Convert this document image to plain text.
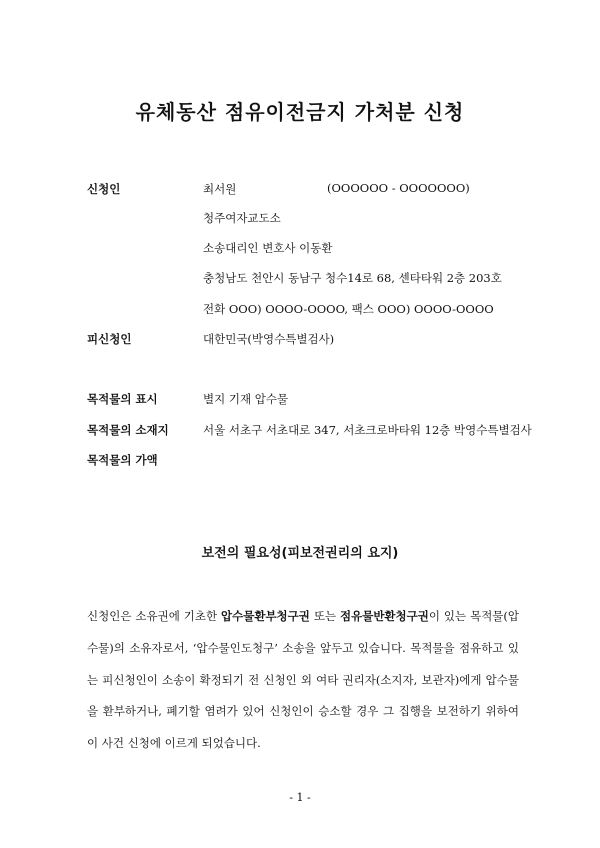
유체동산 점유이전금지 가처분 신청
신청인	최서원	(OOOOOO - OOOOOOO)
청주여자교도소
소송대리인 변호사 이동환
충청남도 천안시 동남구 청수14로 68, 센타타워 2층 203호
전화 OOO) OOOO-OOOO, 팩스 OOO) OOOO-OOOO
피신청인	대한민국(박영수특별검사)
목적물의 표시	별지 기재 압수물
목적물의 소재지	서울 서초구 서초대로 347, 서초크로바타워 12층 박영수특별검사
목적물의 가액
보전의 필요성(피보전권리의 요지)

신청인은 소유권에 기초한 압수물환부청구권 또는 점유물반환청구권이 있는 목적물(압수물)의 소유자로서, ‘압수물인도청구’ 소송을 앞두고 있습니다. 목적물을 점유하고 있는 피신청인이 소송이 확정되기 전 신청인 외 여타 권리자(소지자, 보관자)에게 압수물을 환부하거나, 폐기할 염려가 있어 신청인이 승소할 경우 그 집행을 보전하기 위하여 이 사건 신청에 이르게 되었습니다.

- 1 -
